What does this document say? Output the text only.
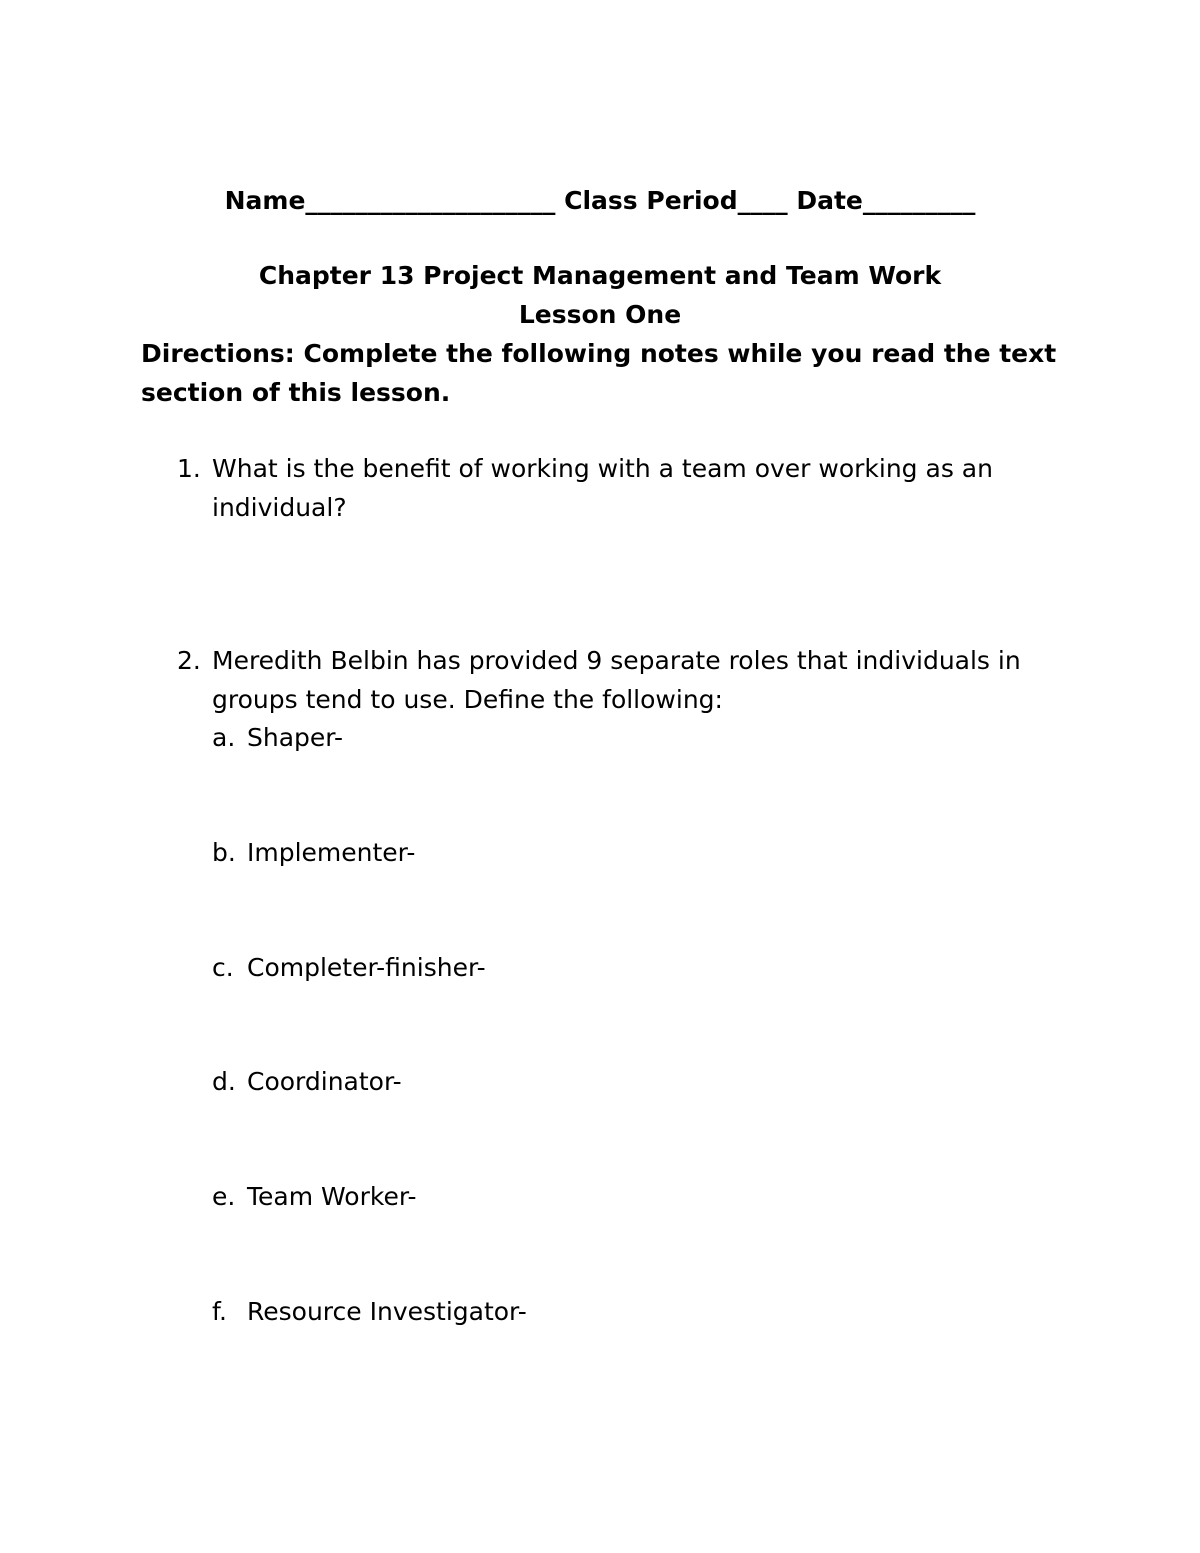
Name____________________ Class Period____ Date_________
Chapter 13 Project Management and Team Work
Lesson One
Directions: Complete the following notes while you read the text
section of this lesson.
1. What is the benefit of working with a team over working as an
individual?
2. Meredith Belbin has provided 9 separate roles that individuals in
groups tend to use. Define the following:
a. Shaper-
b. Implementer-
c. Completer-finisher-
d. Coordinator-
e. Team Worker-
f. Resource Investigator-
